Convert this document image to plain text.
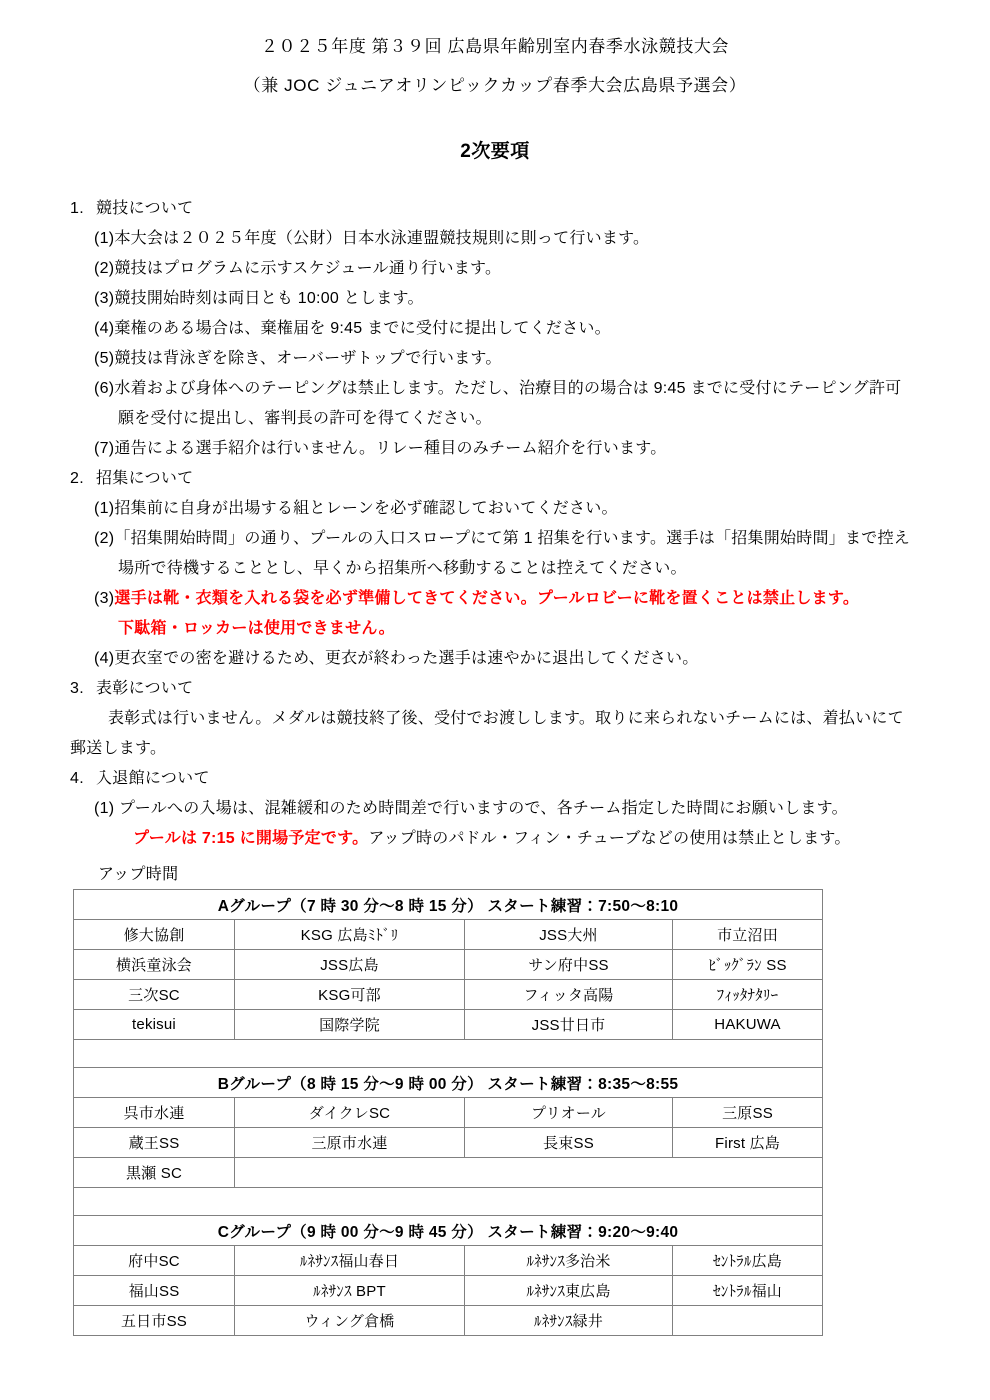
２０２５年度 第３９回 広島県年齢別室内春季水泳競技大会
（兼 JOC ジュニアオリンピックカップ春季大会広島県予選会）
2次要項
1. 競技について
(1)本大会は２０２５年度（公財）日本水泳連盟競技規則に則って行います。
(2)競技はプログラムに示すスケジュール通り行います。
(3)競技開始時刻は両日とも 10:00 とします。
(4)棄権のある場合は、棄権届を 9:45 までに受付に提出してください。
(5)競技は背泳ぎを除き、オーバーザトップで行います。
(6)水着および身体へのテーピングは禁止します。ただし、治療目的の場合は 9:45 までに受付にテーピング許可
願を受付に提出し、審判長の許可を得てください。
(7)通告による選手紹介は行いません。リレー種目のみチーム紹介を行います。
2. 招集について
(1)招集前に自身が出場する組とレーンを必ず確認しておいてください。
(2)「招集開始時間」の通り、プールの入口スロープにて第 1 招集を行います。選手は「招集開始時間」まで控え
場所で待機することとし、早くから招集所へ移動することは控えてください。
(3)選手は靴・衣類を入れる袋を必ず準備してきてください。プールロビーに靴を置くことは禁止します。
下駄箱・ロッカーは使用できません。
(4)更衣室での密を避けるため、更衣が終わった選手は速やかに退出してください。
3. 表彰について
表彰式は行いません。メダルは競技終了後、受付でお渡しします。取りに来られないチームには、着払いにて
郵送します。
4. 入退館について
(1) プールへの入場は、混雑緩和のため時間差で行いますので、各チーム指定した時間にお願いします。
プールは 7:15 に開場予定です。アップ時のパドル・フィン・チューブなどの使用は禁止とします。
アップ時間
Aグループ（7 時 30 分～8 時 15 分） スタート練習：7:50～8:10			
修大協創	KSG 広島ﾐﾄﾞﾘ	JSS大州	市立沼田
横浜童泳会	JSS広島	サン府中SS	ﾋﾞｯｸﾞﾗﾝ SS
三次SC	KSG可部	フィッタ高陽	ﾌｨｯﾀﾅﾀﾘｰ
tekisui	国際学院	JSS廿日市	HAKUWA

Bグループ（8 時 15 分～9 時 00 分） スタート練習：8:35～8:55			
呉市水連	ダイクレSC	プリオール	三原SS
蔵王SS	三原市水連	長束SS	First 広島
黒瀬 SC			

Cグループ（9 時 00 分～9 時 45 分） スタート練習：9:20～9:40			
府中SC	ﾙﾈｻﾝｽ福山春日	ﾙﾈｻﾝｽ多治米	ｾﾝﾄﾗﾙ広島
福山SS	ﾙﾈｻﾝｽ BPT	ﾙﾈｻﾝｽ東広島	ｾﾝﾄﾗﾙ福山
五日市SS	ウィング倉橋	ﾙﾈｻﾝｽ緑井	
